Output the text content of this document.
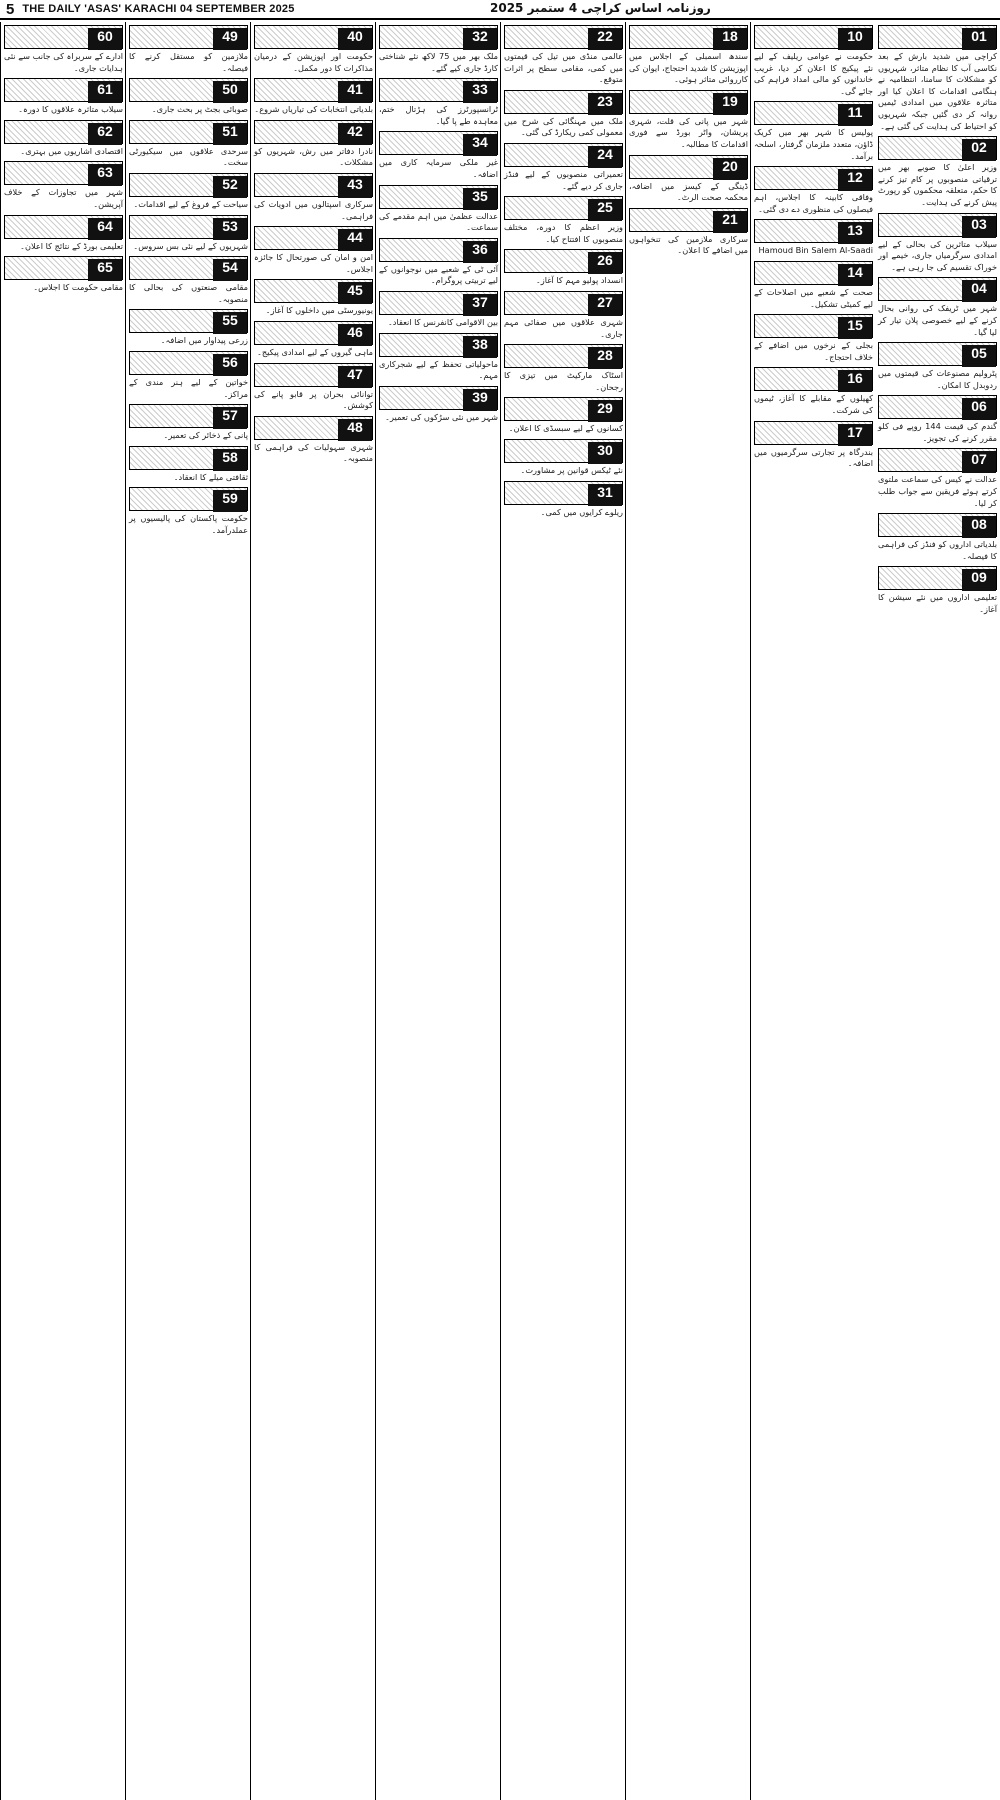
5 THE DAILY 'ASAS' KARACHI 04 SEPTEMBER 2025	روزنامہ اساس کراچی 4 ستمبر 2025
01
کراچی میں شدید بارش کے بعد نکاسی آب کا نظام متاثر، شہریوں کو مشکلات کا سامنا، انتظامیہ نے ہنگامی اقدامات کا اعلان کیا اور متاثرہ علاقوں میں امدادی ٹیمیں روانہ کر دی گئیں جبکہ شہریوں کو احتیاط کی ہدایت کی گئی ہے۔
02
وزیر اعلیٰ کا صوبے بھر میں ترقیاتی منصوبوں پر کام تیز کرنے کا حکم، متعلقہ محکموں کو رپورٹ پیش کرنے کی ہدایت۔
03
سیلاب متاثرین کی بحالی کے لیے امدادی سرگرمیاں جاری، خیمے اور خوراک تقسیم کی جا رہی ہے۔
04
شہر میں ٹریفک کی روانی بحال کرنے کے لیے خصوصی پلان تیار کر لیا گیا۔
05
پٹرولیم مصنوعات کی قیمتوں میں ردوبدل کا امکان۔
06
گندم کی قیمت 144 روپے فی کلو مقرر کرنے کی تجویز۔
07
عدالت نے کیس کی سماعت ملتوی کرتے ہوئے فریقین سے جواب طلب کر لیا۔
08
بلدیاتی اداروں کو فنڈز کی فراہمی کا فیصلہ۔
09
تعلیمی اداروں میں نئے سیشن کا آغاز۔
10
حکومت نے عوامی ریلیف کے لیے نئے پیکیج کا اعلان کر دیا، غریب خاندانوں کو مالی امداد فراہم کی جائے گی۔
11
پولیس کا شہر بھر میں کریک ڈاؤن، متعدد ملزمان گرفتار، اسلحہ برآمد۔
12
وفاقی کابینہ کا اجلاس، اہم فیصلوں کی منظوری دے دی گئی۔
13
Hamoud Bin Salem Al-Saadi
14
صحت کے شعبے میں اصلاحات کے لیے کمیٹی تشکیل۔
15
بجلی کے نرخوں میں اضافے کے خلاف احتجاج۔
16
کھیلوں کے مقابلے کا آغاز، ٹیموں کی شرکت۔
17
بندرگاہ پر تجارتی سرگرمیوں میں اضافہ۔
18
سندھ اسمبلی کے اجلاس میں اپوزیشن کا شدید احتجاج، ایوان کی کارروائی متاثر ہوئی۔
19
شہر میں پانی کی قلت، شہری پریشان، واٹر بورڈ سے فوری اقدامات کا مطالبہ۔
20
ڈینگی کے کیسز میں اضافہ، محکمہ صحت الرٹ۔
21
سرکاری ملازمین کی تنخواہوں میں اضافے کا اعلان۔
22
عالمی منڈی میں تیل کی قیمتوں میں کمی، مقامی سطح پر اثرات متوقع۔
23
ملک میں مہنگائی کی شرح میں معمولی کمی ریکارڈ کی گئی۔
24
تعمیراتی منصوبوں کے لیے فنڈز جاری کر دیے گئے۔
25
وزیر اعظم کا دورہ، مختلف منصوبوں کا افتتاح کیا۔
26
انسداد پولیو مہم کا آغاز۔
27
شہری علاقوں میں صفائی مہم جاری۔
28
اسٹاک مارکیٹ میں تیزی کا رجحان۔
29
کسانوں کے لیے سبسڈی کا اعلان۔
30
نئے ٹیکس قوانین پر مشاورت۔
31
ریلوے کرایوں میں کمی۔
32
ملک بھر میں 75 لاکھ نئے شناختی کارڈ جاری کیے گئے۔
33
ٹرانسپورٹرز کی ہڑتال ختم، معاہدہ طے پا گیا۔
34
غیر ملکی سرمایہ کاری میں اضافہ۔
35
عدالت عظمیٰ میں اہم مقدمے کی سماعت۔
36
آئی ٹی کے شعبے میں نوجوانوں کے لیے تربیتی پروگرام۔
37
بین الاقوامی کانفرنس کا انعقاد۔
38
ماحولیاتی تحفظ کے لیے شجرکاری مہم۔
39
شہر میں نئی سڑکوں کی تعمیر۔
40
حکومت اور اپوزیشن کے درمیان مذاکرات کا دور مکمل۔
41
بلدیاتی انتخابات کی تیاریاں شروع۔
42
نادرا دفاتر میں رش، شہریوں کو مشکلات۔
43
سرکاری اسپتالوں میں ادویات کی فراہمی۔
44
امن و امان کی صورتحال کا جائزہ اجلاس۔
45
یونیورسٹی میں داخلوں کا آغاز۔
46
ماہی گیروں کے لیے امدادی پیکیج۔
47
توانائی بحران پر قابو پانے کی کوشش۔
48
شہری سہولیات کی فراہمی کا منصوبہ۔
49
ملازمین کو مستقل کرنے کا فیصلہ۔
50
صوبائی بجٹ پر بحث جاری۔
51
سرحدی علاقوں میں سیکیورٹی سخت۔
52
سیاحت کے فروغ کے لیے اقدامات۔
53
شہریوں کے لیے نئی بس سروس۔
54
مقامی صنعتوں کی بحالی کا منصوبہ۔
55
زرعی پیداوار میں اضافہ۔
56
خواتین کے لیے ہنر مندی کے مراکز۔
57
پانی کے ذخائر کی تعمیر۔
58
ثقافتی میلے کا انعقاد۔
59
حکومت پاکستان کی پالیسیوں پر عملدرآمد۔
60
ادارے کے سربراہ کی جانب سے نئی ہدایات جاری۔
61
سیلاب متاثرہ علاقوں کا دورہ۔
62
اقتصادی اشاریوں میں بہتری۔
63
شہر میں تجاوزات کے خلاف آپریشن۔
64
تعلیمی بورڈ کے نتائج کا اعلان۔
65
مقامی حکومت کا اجلاس۔
